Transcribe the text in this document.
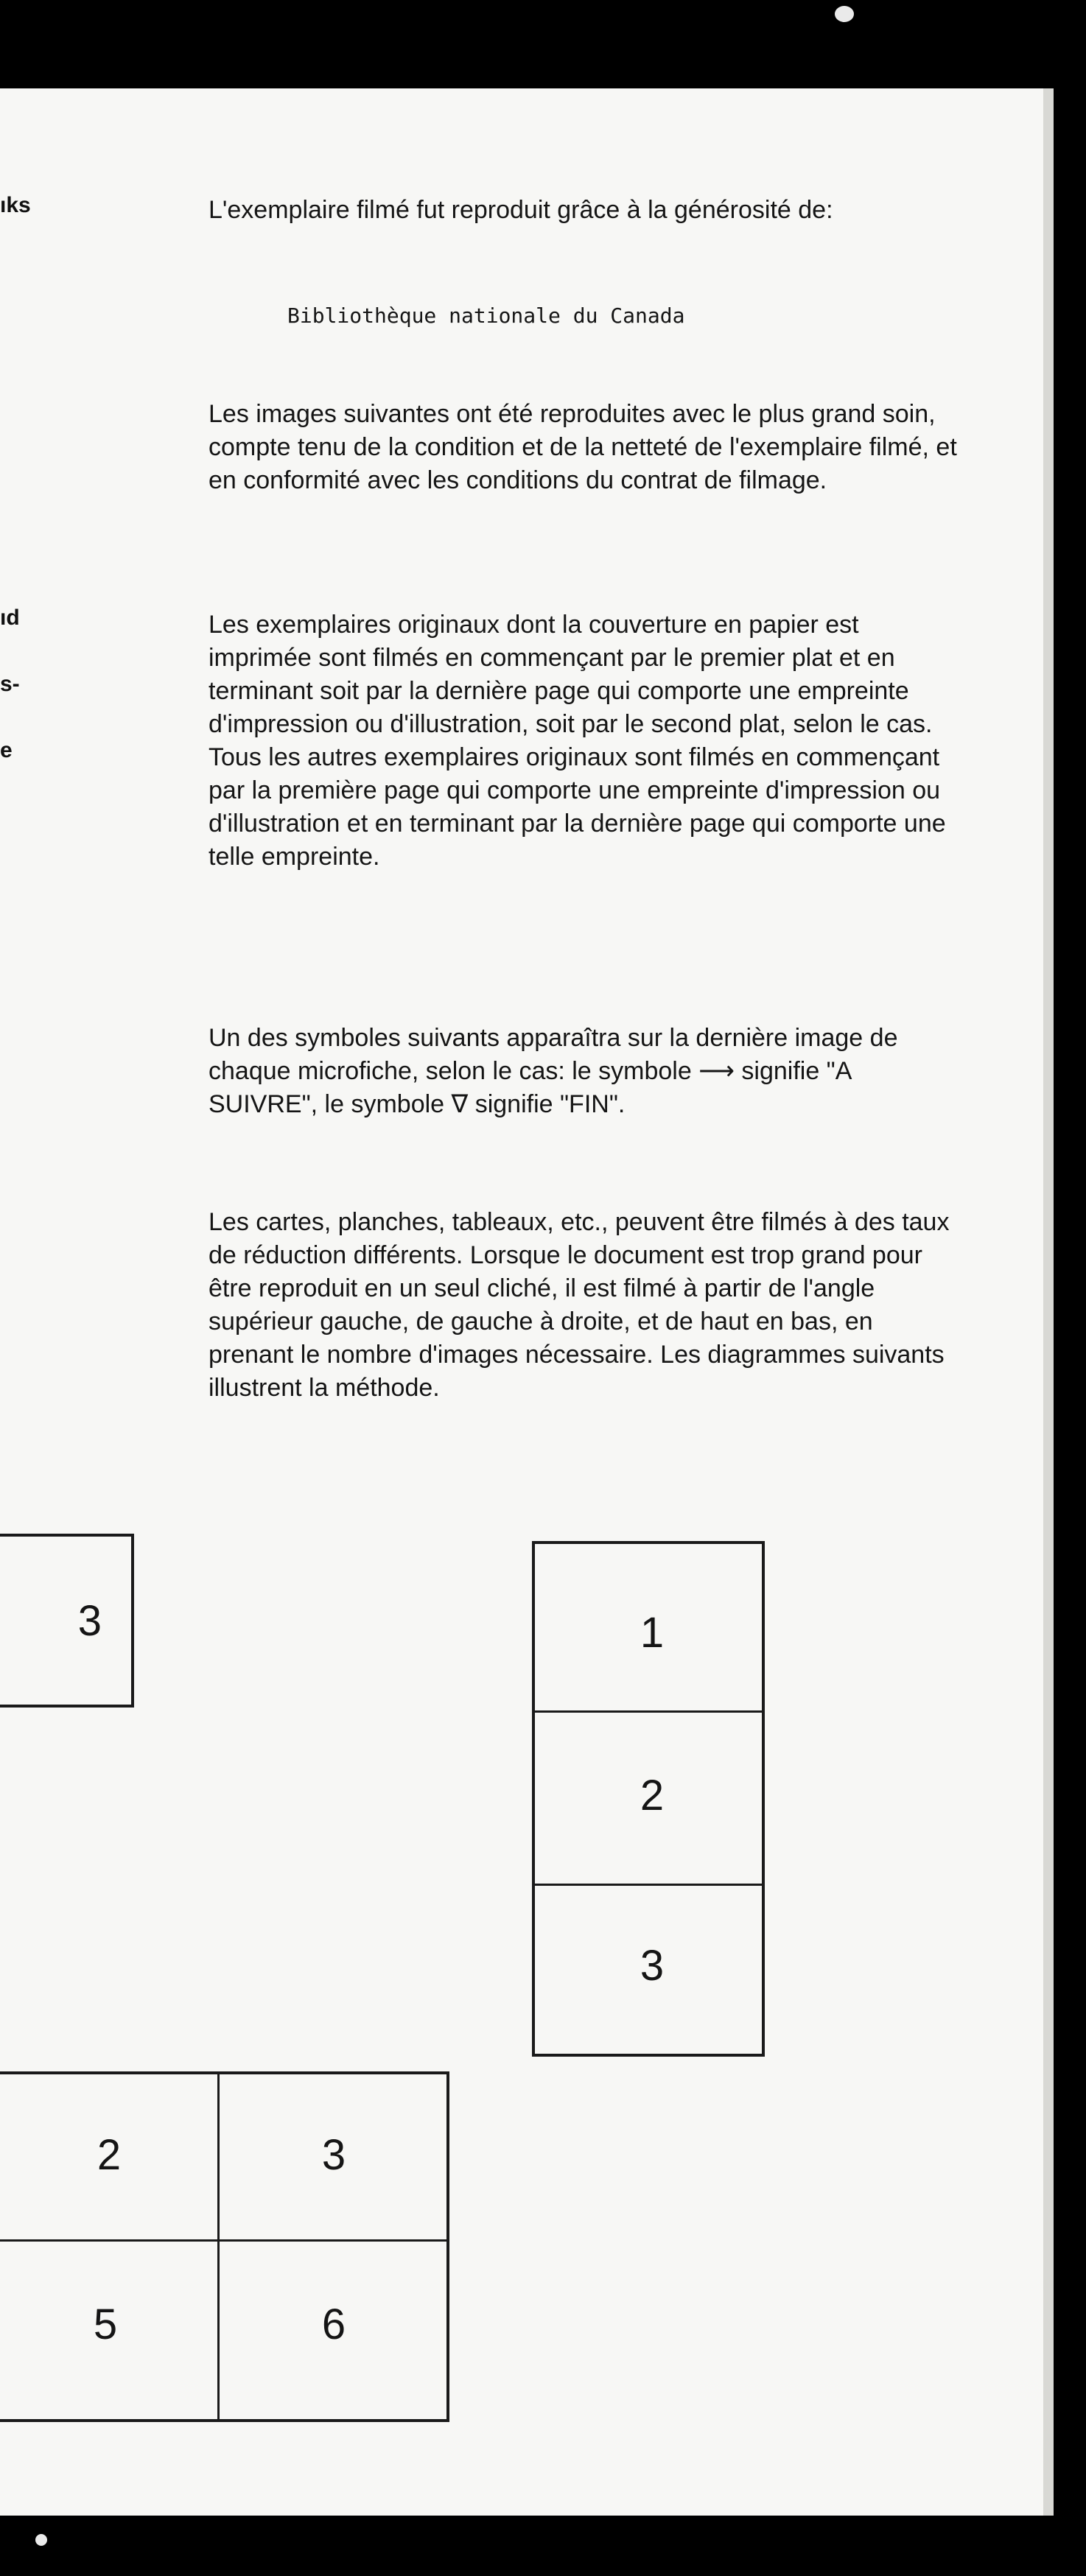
ıks
ıd
s-
e

L'exemplaire filmé fut reproduit grâce à la générosité de:

Bibliothèque nationale du Canada

Les images suivantes ont été reproduites avec le plus grand soin, compte tenu de la condition et de la netteté de l'exemplaire filmé, et en conformité avec les conditions du contrat de filmage.

Les exemplaires originaux dont la couverture en papier est imprimée sont filmés en commençant par le premier plat et en terminant soit par la dernière page qui comporte une empreinte d'impression ou d'illustration, soit par le second plat, selon le cas. Tous les autres exemplaires originaux sont filmés en commençant par la première page qui comporte une empreinte d'impression ou d'illustration et en terminant par la dernière page qui comporte une telle empreinte.

Un des symboles suivants apparaîtra sur la dernière image de chaque microfiche, selon le cas: le symbole ⟶ signifie "A SUIVRE", le symbole ∇ signifie "FIN".

Les cartes, planches, tableaux, etc., peuvent être filmés à des taux de réduction différents. Lorsque le document est trop grand pour être reproduit en un seul cliché, il est filmé à partir de l'angle supérieur gauche, de gauche à droite, et de haut en bas, en prenant le nombre d'images nécessaire. Les diagrammes suivants illustrent la méthode.

3	1
2
3
2	3
5	6
